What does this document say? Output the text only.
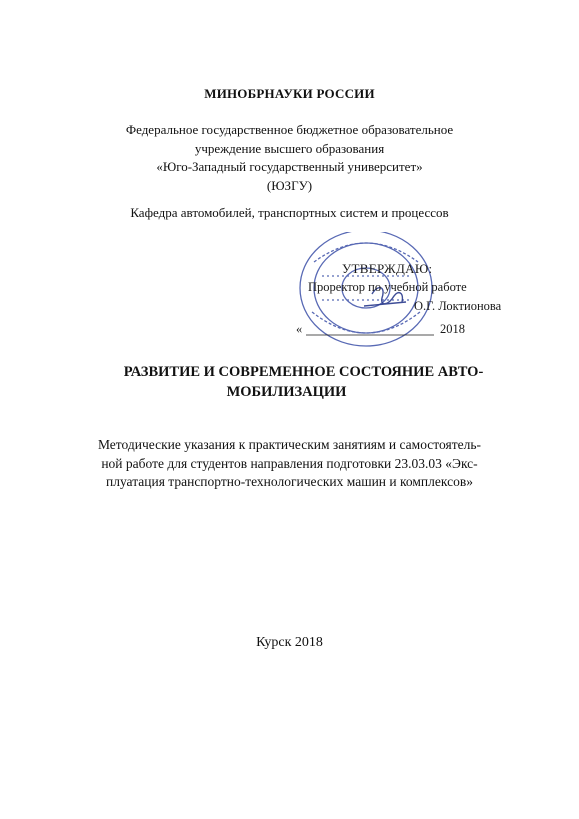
МИНОБРНАУКИ РОССИИ
Федеральное государственное бюджетное образовательное
учреждение высшего образования
«Юго-Западный государственный университет»
(ЮЗГУ)
Кафедра автомобилей, транспортных систем и процессов
УТВЕРЖДАЮ:
Проректор по учебной работе
О.Г. Локтионова
«	2018
РАЗВИТИЕ И СОВРЕМЕННОЕ СОСТОЯНИЕ АВТО-
МОБИЛИЗАЦИИ
Методические указания к практическим занятиям и самостоятель-
ной работе для студентов направления подготовки 23.03.03 «Экс-
плуатация транспортно-технологических машин и комплексов»
Курск 2018
